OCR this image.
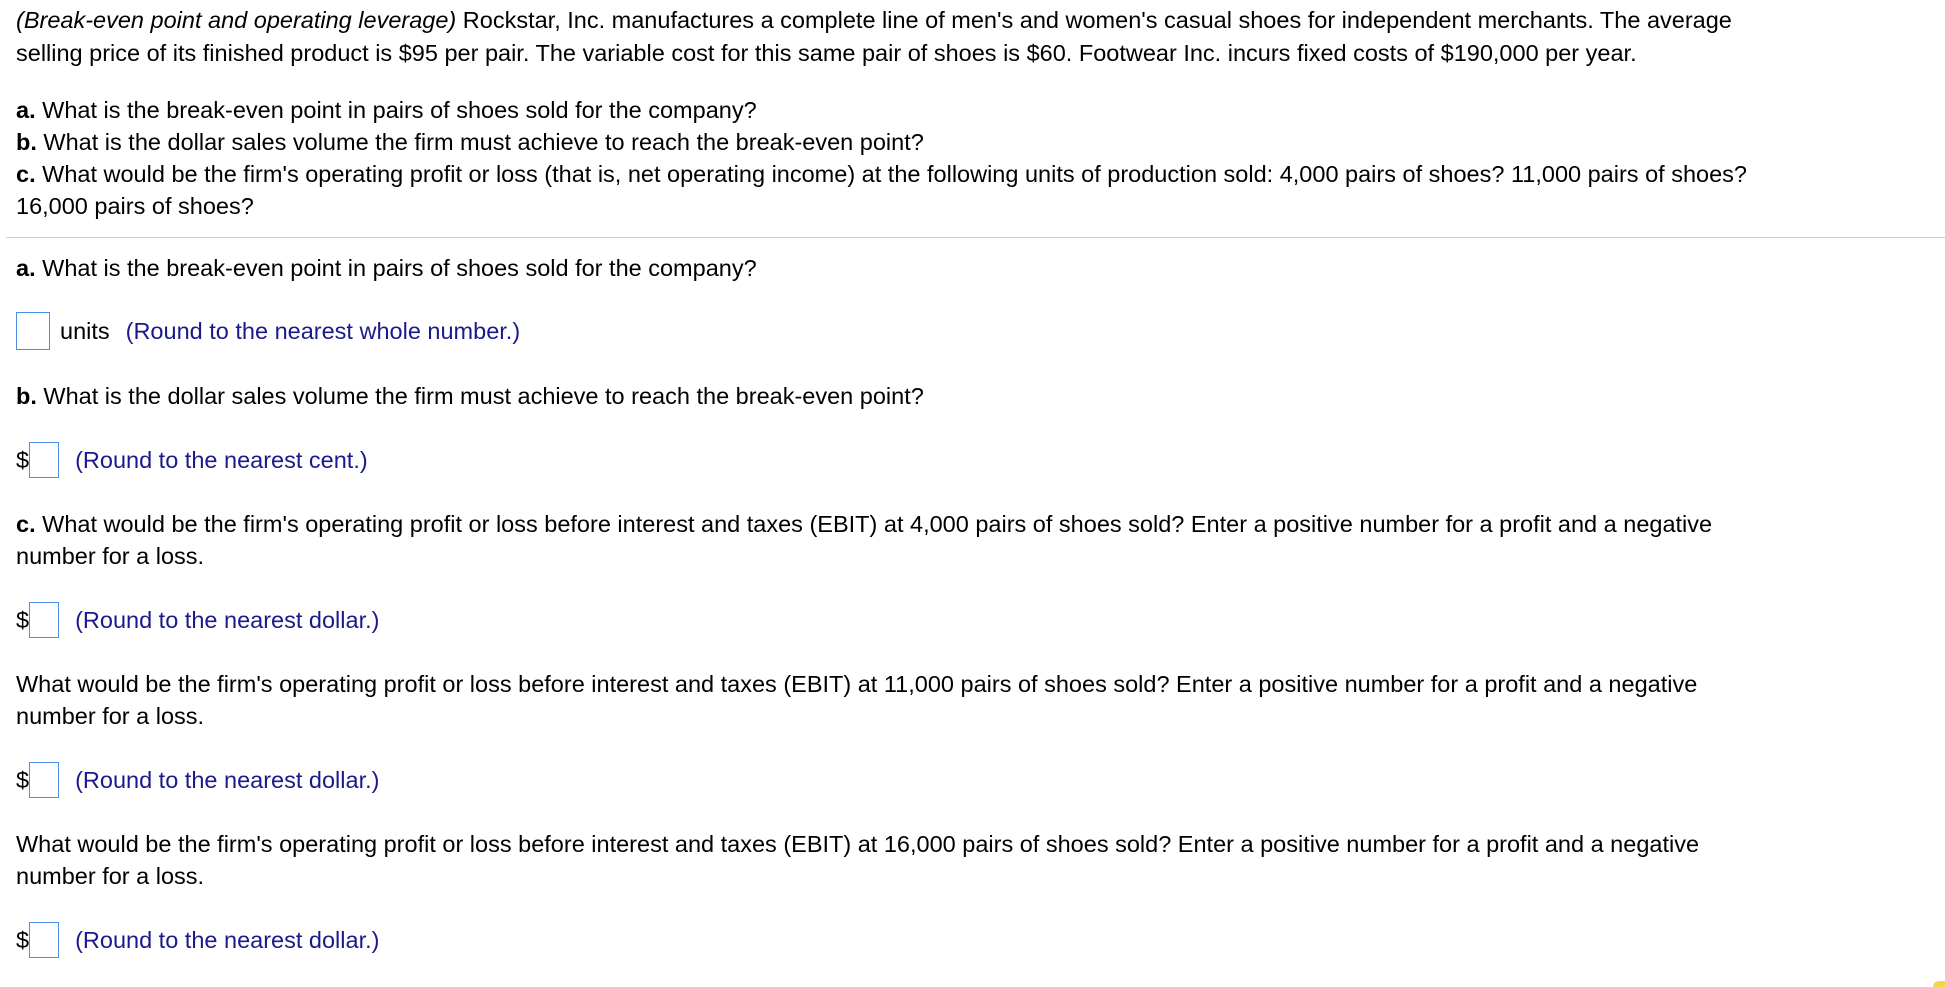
(Break-even point and operating leverage) Rockstar, Inc. manufactures a complete line of men's and women's casual shoes for independent merchants. The average
selling price of its finished product is $95 per pair. The variable cost for this same pair of shoes is $60. Footwear Inc. incurs fixed costs of $190,000 per year.
a. What is the break-even point in pairs of shoes sold for the company?
b. What is the dollar sales volume the firm must achieve to reach the break-even point?
c. What would be the firm's operating profit or loss (that is, net operating income) at the following units of production sold: 4,000 pairs of shoes? 11,000 pairs of shoes?
16,000 pairs of shoes?
a. What is the break-even point in pairs of shoes sold for the company?
units (Round to the nearest whole number.)
b. What is the dollar sales volume the firm must achieve to reach the break-even point?
$ (Round to the nearest cent.)
c. What would be the firm's operating profit or loss before interest and taxes (EBIT) at 4,000 pairs of shoes sold? Enter a positive number for a profit and a negative
number for a loss.
$ (Round to the nearest dollar.)
What would be the firm's operating profit or loss before interest and taxes (EBIT) at 11,000 pairs of shoes sold? Enter a positive number for a profit and a negative
number for a loss.
$ (Round to the nearest dollar.)
What would be the firm's operating profit or loss before interest and taxes (EBIT) at 16,000 pairs of shoes sold? Enter a positive number for a profit and a negative
number for a loss.
$ (Round to the nearest dollar.)
